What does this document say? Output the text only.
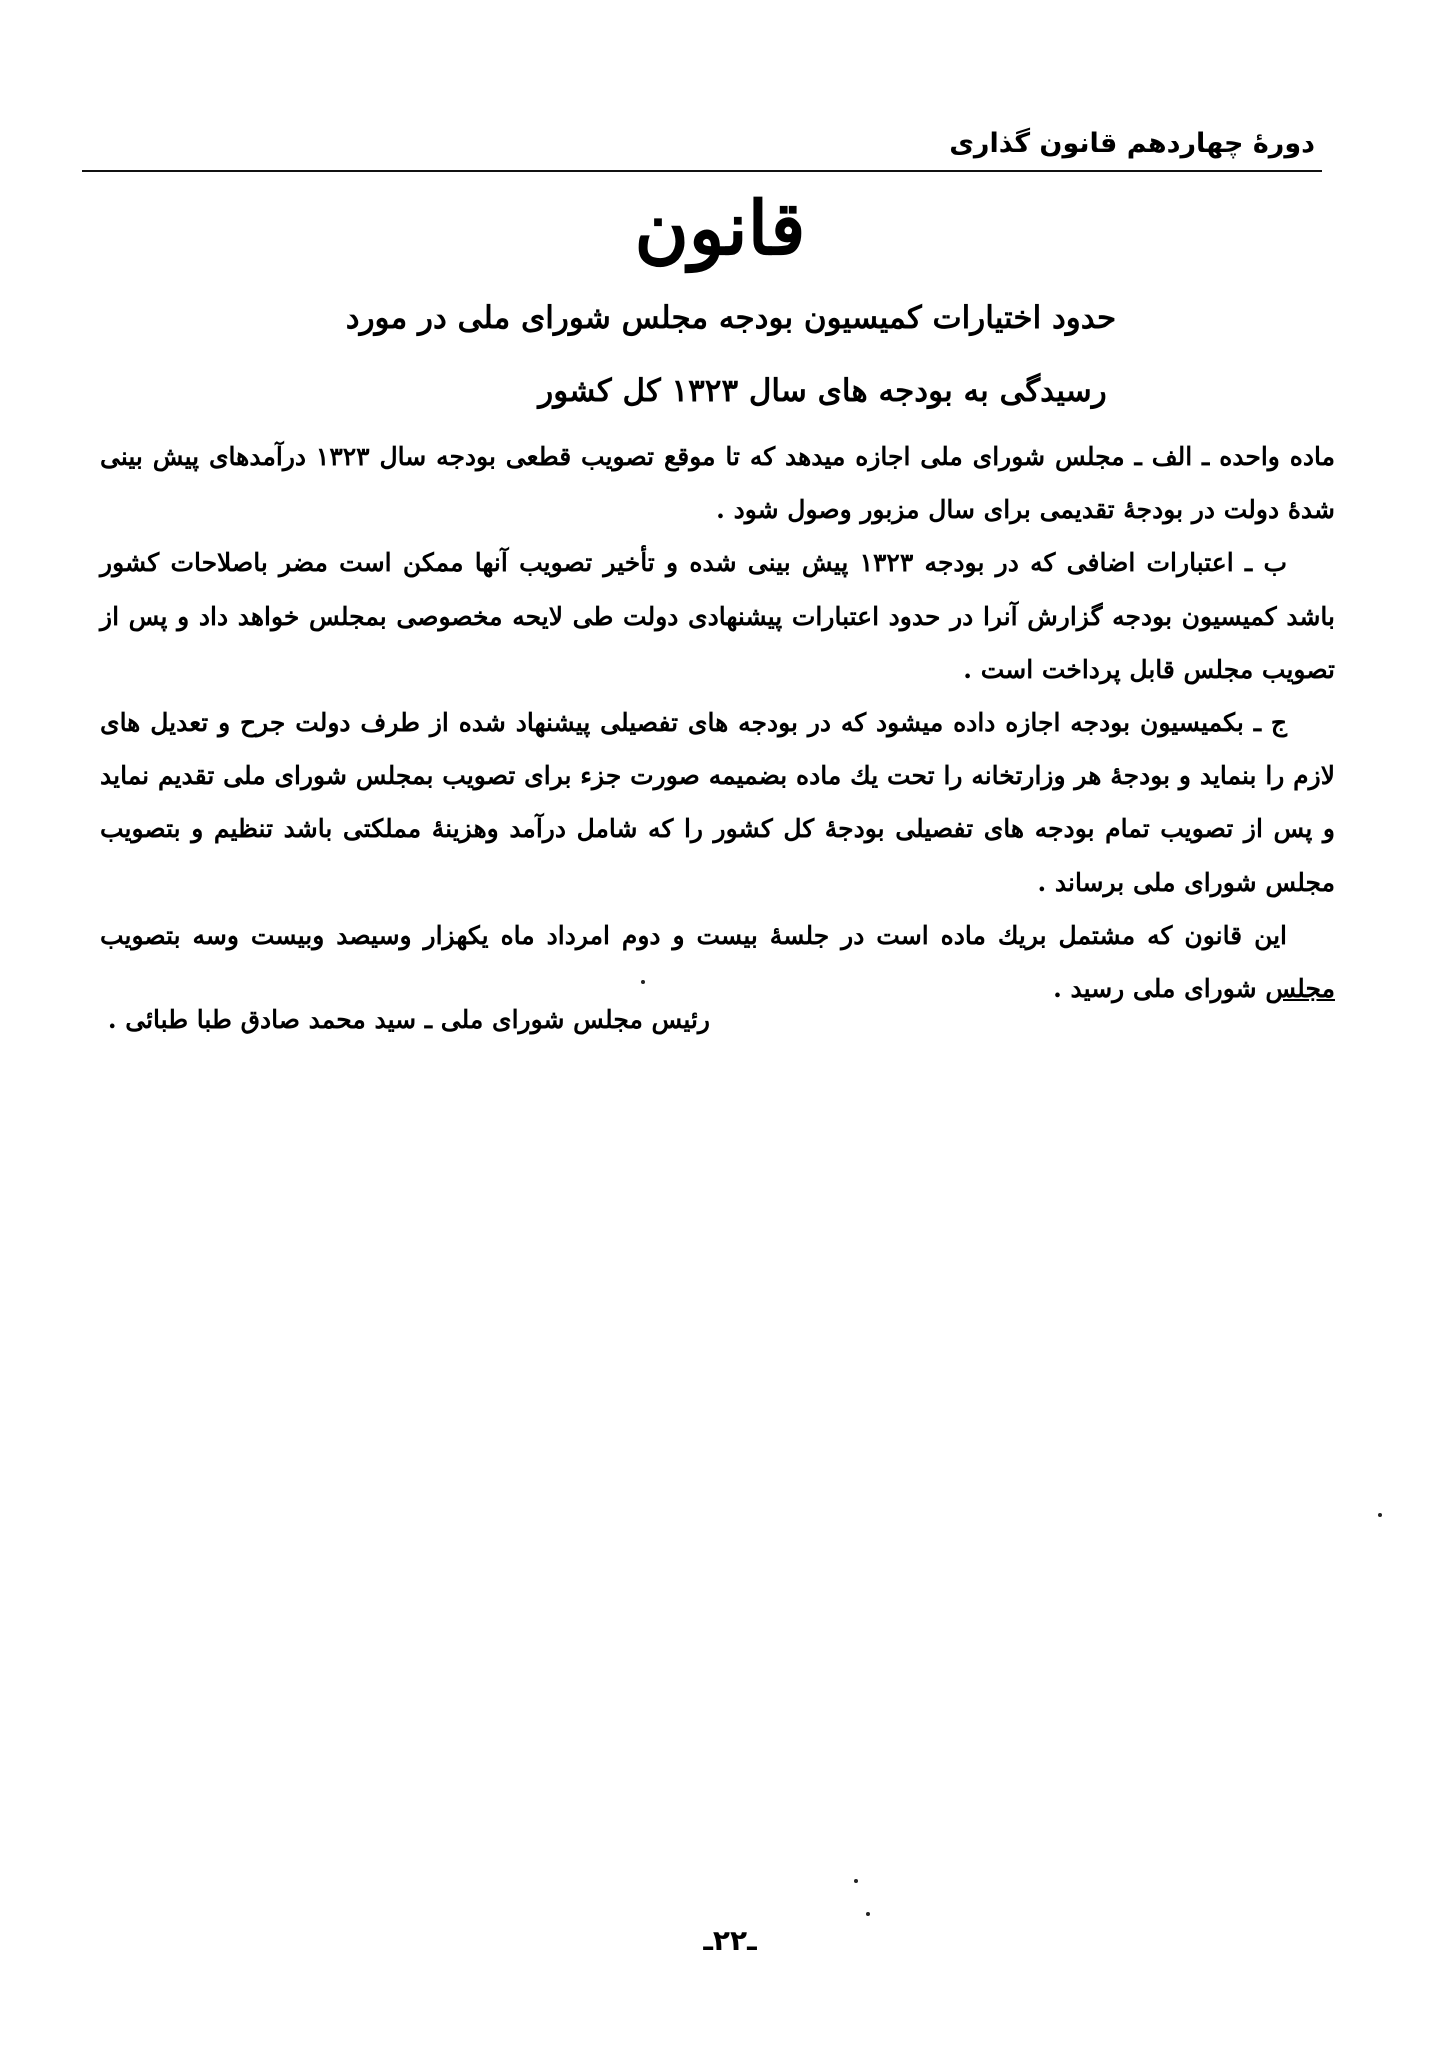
دورهٔ چهاردهم قانون گذاری
قانون
حدود اختیارات کمیسیون بودجه مجلس شورای ملی در مورد
رسیدگی به بودجه های سال ۱۳۲۳ کل کشور

ماده واحده ـ الف ـ مجلس شورای ملی اجازه میدهد که تا موقع تصویب قطعی بودجه سال ۱۳۲۳ درآمدهای پیش بینی شدهٔ دولت در بودجهٔ تقدیمی برای سال مزبور وصول شود .

ب ـ اعتبارات اضافی که در بودجه ۱۳۲۳ پیش بینی شده و تأخیر تصویب آنها ممکن است مضر باصلاحات کشور باشد کمیسیون بودجه گزارش آنرا در حدود اعتبارات پیشنهادی دولت طی لایحه مخصوصی بمجلس خواهد داد و پس از تصویب مجلس قابل پرداخت است .

ج ـ بکمیسیون بودجه اجازه داده میشود که در بودجه های تفصیلی پیشنهاد شده از طرف دولت جرح و تعدیل های لازم را بنماید و بودجهٔ هر وزارتخانه را تحت یك ماده بضمیمه صورت جزء برای تصویب بمجلس شورای ملی تقدیم نماید و پس از تصویب تمام بودجه های تفصیلی بودجهٔ کل کشور را که شامل درآمد وهزینهٔ مملکتی باشد تنظیم و بتصویب مجلس شورای ملی برساند .

این قانون که مشتمل بریك ماده است در جلسهٔ بیست و دوم امرداد ماه یکهزار وسیصد وبیست وسه بتصویب مجلس شورای ملی رسید .

رئیس مجلس شورای ملی ـ سید محمد صادق طبا طبائی .
ـ۲۲ـ
